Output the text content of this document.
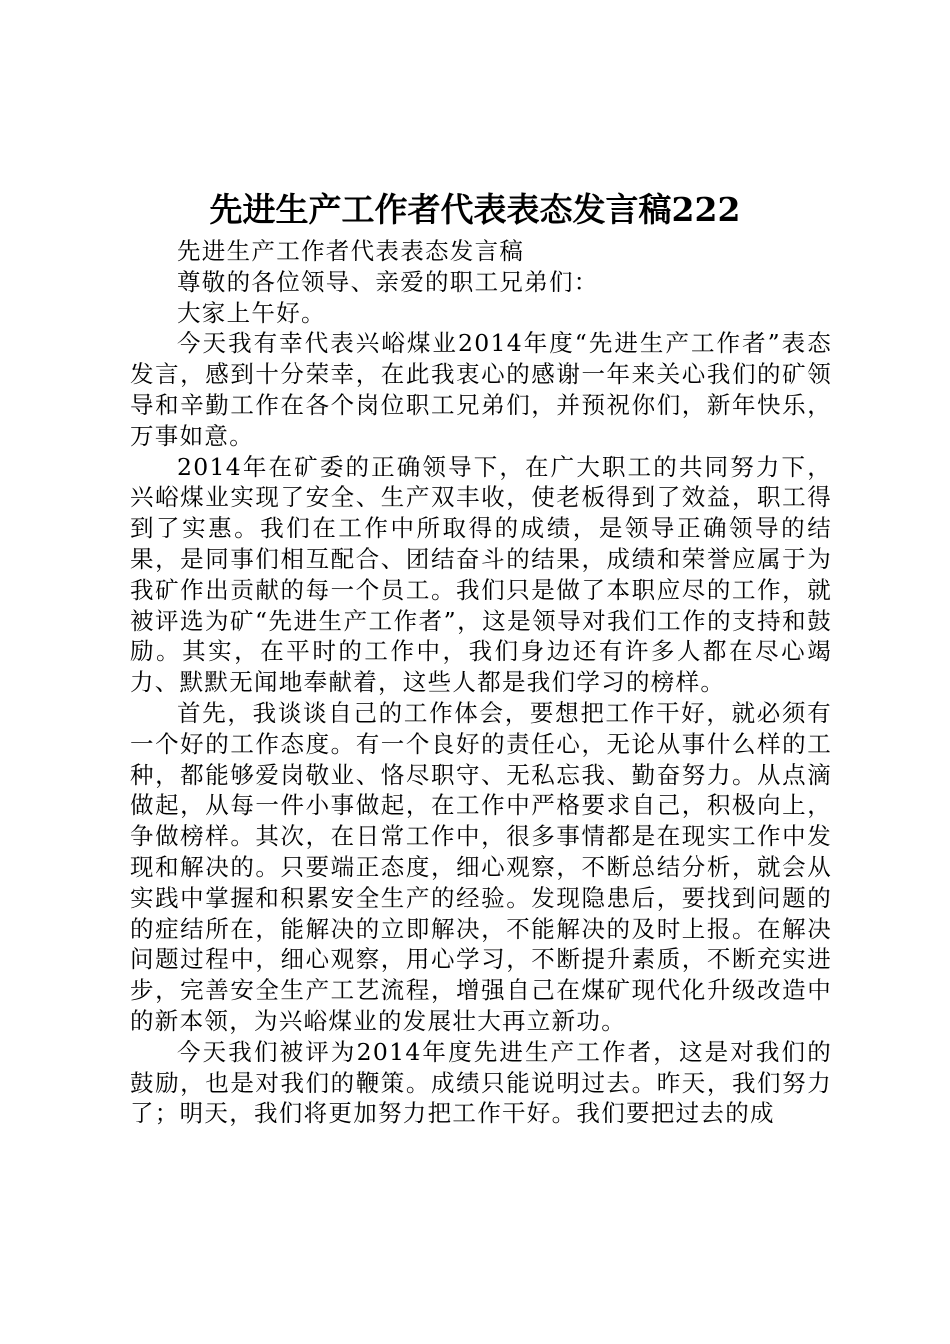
先进生产工作者代表表态发言稿222

先进生产工作者代表表态发言稿

尊敬的各位领导、亲爱的职工兄弟们：

大家上午好。

今天我有幸代表兴峪煤业2014年度“先进生产工作者”表态发言，感到十分荣幸，在此我衷心的感谢一年来关心我们的矿领导和辛勤工作在各个岗位职工兄弟们，并预祝你们，新年快乐，万事如意。

2014年在矿委的正确领导下，在广大职工的共同努力下，兴峪煤业实现了安全、生产双丰收，使老板得到了效益，职工得到了实惠。我们在工作中所取得的成绩，是领导正确领导的结果，是同事们相互配合、团结奋斗的结果，成绩和荣誉应属于为我矿作出贡献的每一个员工。我们只是做了本职应尽的工作，就被评选为矿“先进生产工作者”，这是领导对我们工作的支持和鼓励。其实，在平时的工作中，我们身边还有许多人都在尽心竭力、默默无闻地奉献着，这些人都是我们学习的榜样。

首先，我谈谈自己的工作体会，要想把工作干好，就必须有一个好的工作态度。有一个良好的责任心，无论从事什么样的工种，都能够爱岗敬业、恪尽职守、无私忘我、勤奋努力。从点滴做起，从每一件小事做起，在工作中严格要求自己，积极向上，争做榜样。其次，在日常工作中，很多事情都是在现实工作中发现和解决的。只要端正态度，细心观察，不断总结分析，就会从实践中掌握和积累安全生产的经验。发现隐患后，要找到问题的的症结所在，能解决的立即解决，不能解决的及时上报。在解决问题过程中，细心观察，用心学习，不断提升素质，不断充实进步，完善安全生产工艺流程，增强自己在煤矿现代化升级改造中的新本领，为兴峪煤业的发展壮大再立新功。

今天我们被评为2014年度先进生产工作者，这是对我们的鼓励，也是对我们的鞭策。成绩只能说明过去。昨天，我们努力了；明天，我们将更加努力把工作干好。我们要把过去的成
